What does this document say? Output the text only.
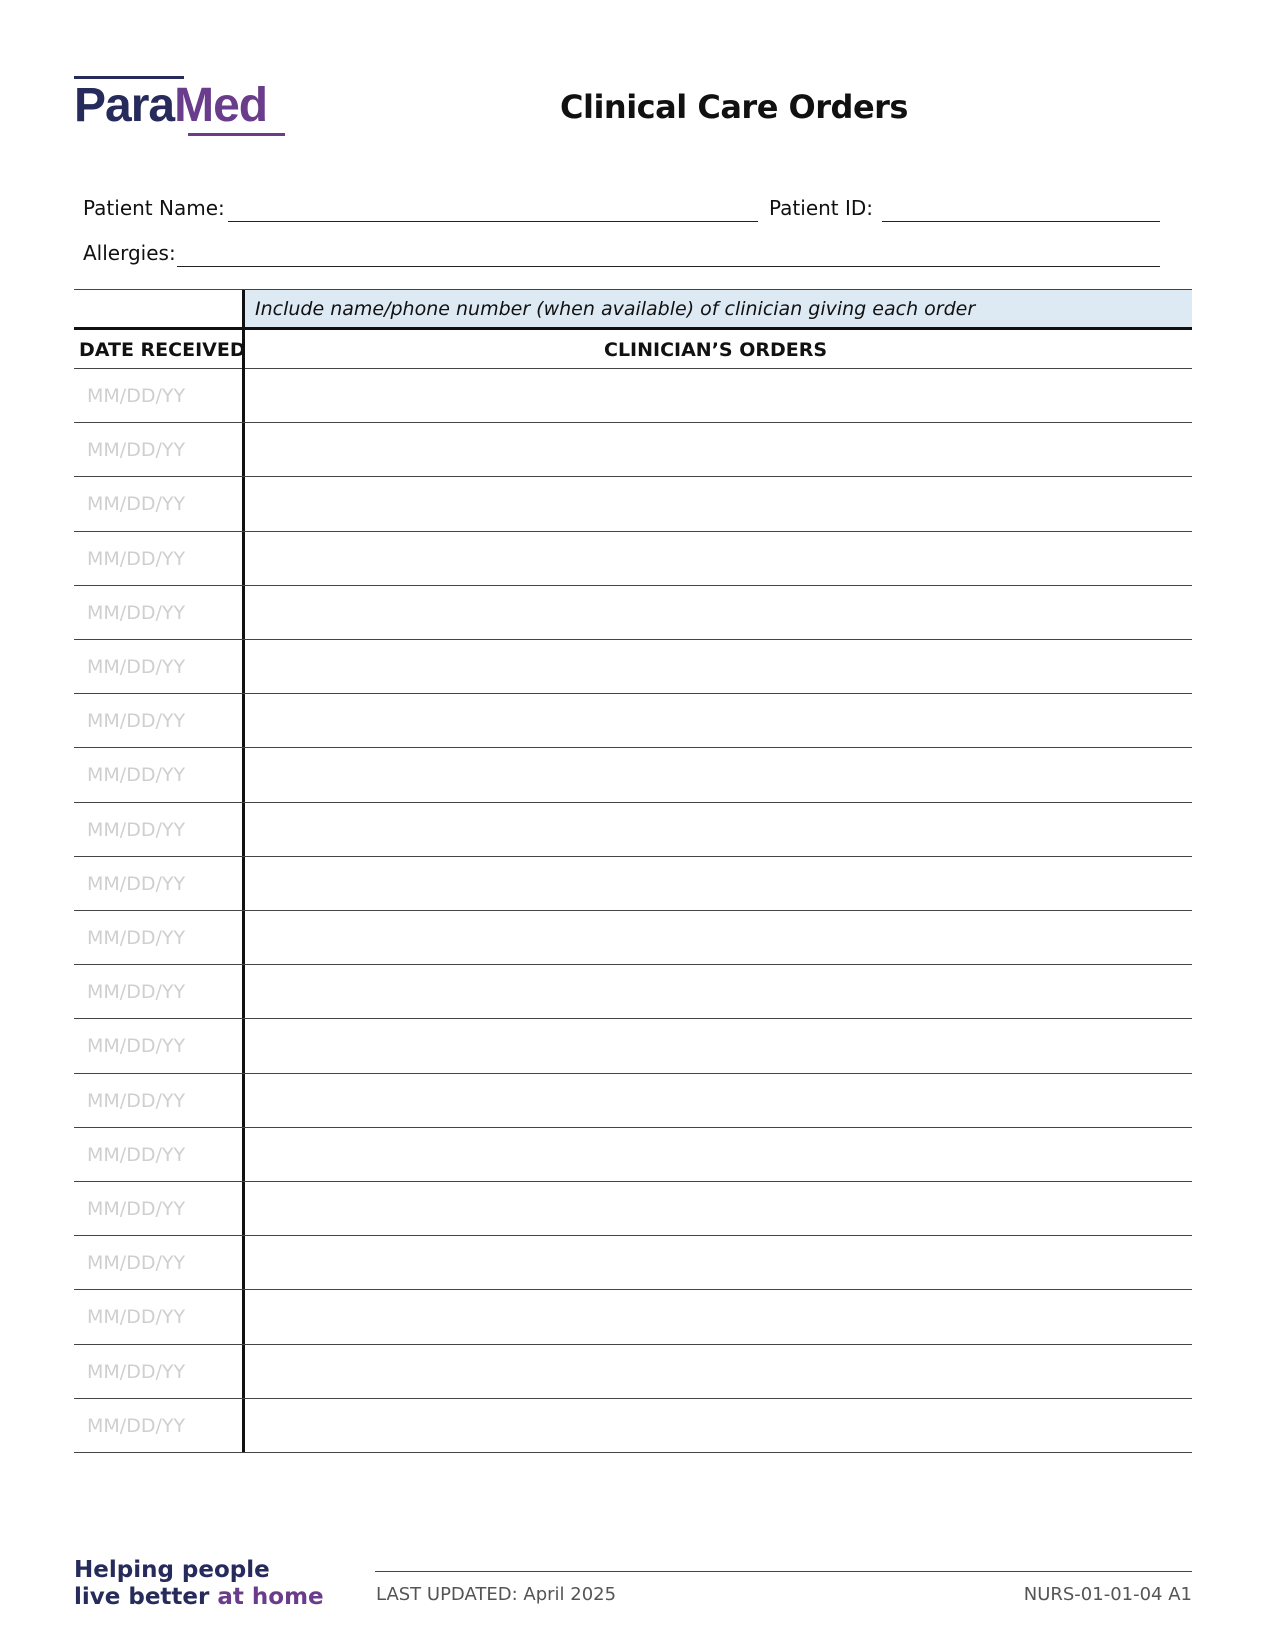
ParaMed	Clinical Care Orders
Patient Name:	Patient ID:
Allergies:
Include name/phone number (when available) of clinician giving each order
DATE RECEIVED	CLINICIAN’S ORDERS
MM/DD/YY
MM/DD/YY
MM/DD/YY
MM/DD/YY
MM/DD/YY
MM/DD/YY
MM/DD/YY
MM/DD/YY
MM/DD/YY
MM/DD/YY
MM/DD/YY
MM/DD/YY
MM/DD/YY
MM/DD/YY
MM/DD/YY
MM/DD/YY
MM/DD/YY
MM/DD/YY
MM/DD/YY
MM/DD/YY
Helping people
live better at home	LAST UPDATED: April 2025	NURS-01-01-04 A1
